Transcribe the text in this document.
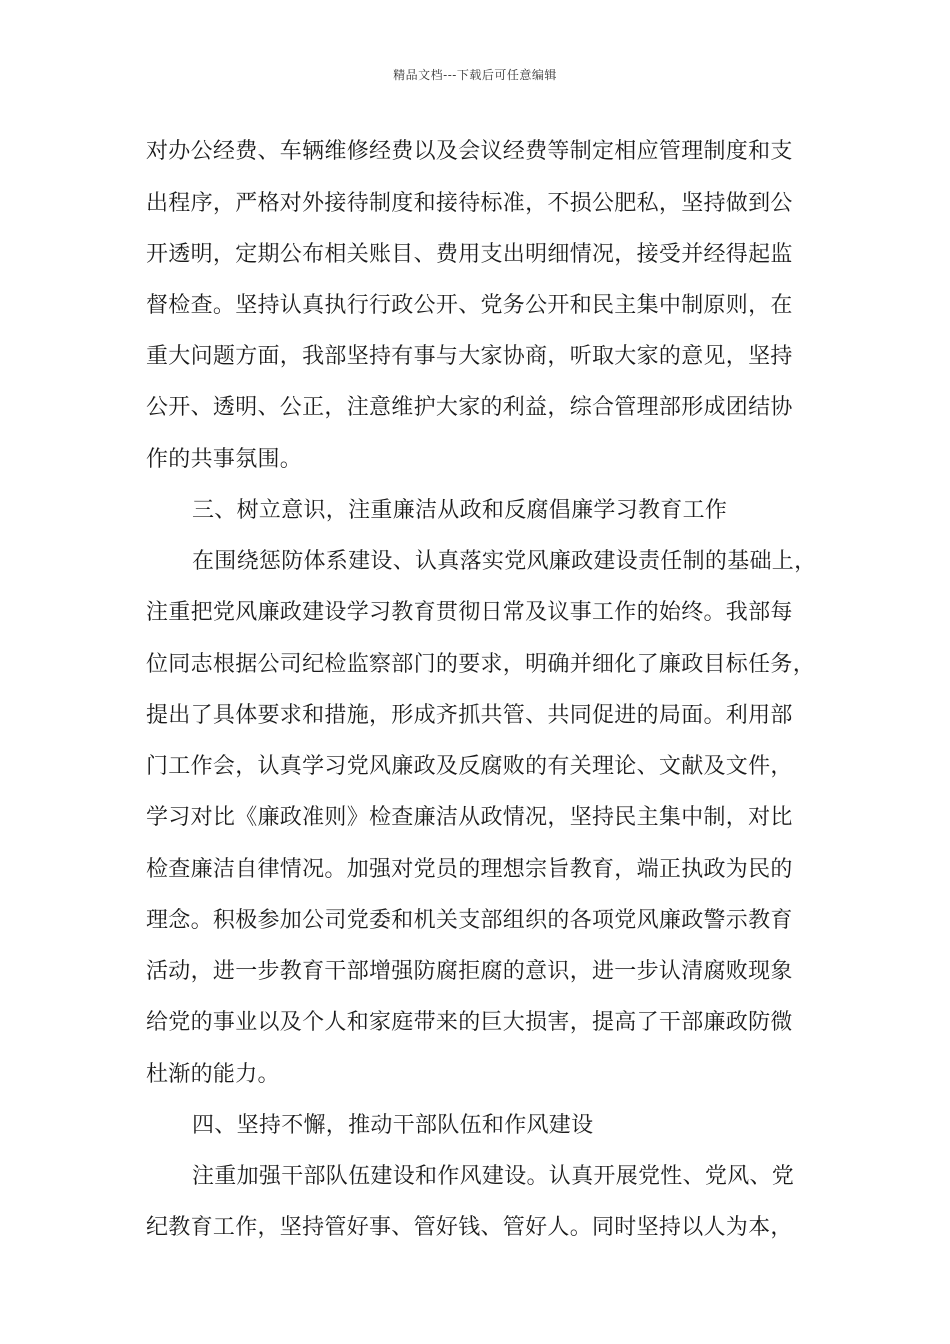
精品文档---下载后可任意编辑
对办公经费、车辆维修经费以及会议经费等制定相应管理制度和支
出程序，严格对外接待制度和接待标准，不损公肥私，坚持做到公
开透明，定期公布相关账目、费用支出明细情况，接受并经得起监
督检查。坚持认真执行行政公开、党务公开和民主集中制原则，在
重大问题方面，我部坚持有事与大家协商，听取大家的意见，坚持
公开、透明、公正，注意维护大家的利益，综合管理部形成团结协
作的共事氛围。
三、树立意识，注重廉洁从政和反腐倡廉学习教育工作
在围绕惩防体系建设、认真落实党风廉政建设责任制的基础上，
注重把党风廉政建设学习教育贯彻日常及议事工作的始终。我部每
位同志根据公司纪检监察部门的要求，明确并细化了廉政目标任务，
提出了具体要求和措施，形成齐抓共管、共同促进的局面。利用部
门工作会，认真学习党风廉政及反腐败的有关理论、文献及文件，
学习对比《廉政准则》检查廉洁从政情况，坚持民主集中制，对比
检查廉洁自律情况。加强对党员的理想宗旨教育，端正执政为民的
理念。积极参加公司党委和机关支部组织的各项党风廉政警示教育
活动，进一步教育干部增强防腐拒腐的意识，进一步认清腐败现象
给党的事业以及个人和家庭带来的巨大损害，提高了干部廉政防微
杜渐的能力。
四、坚持不懈，推动干部队伍和作风建设
注重加强干部队伍建设和作风建设。认真开展党性、党风、党
纪教育工作，坚持管好事、管好钱、管好人。同时坚持以人为本，
